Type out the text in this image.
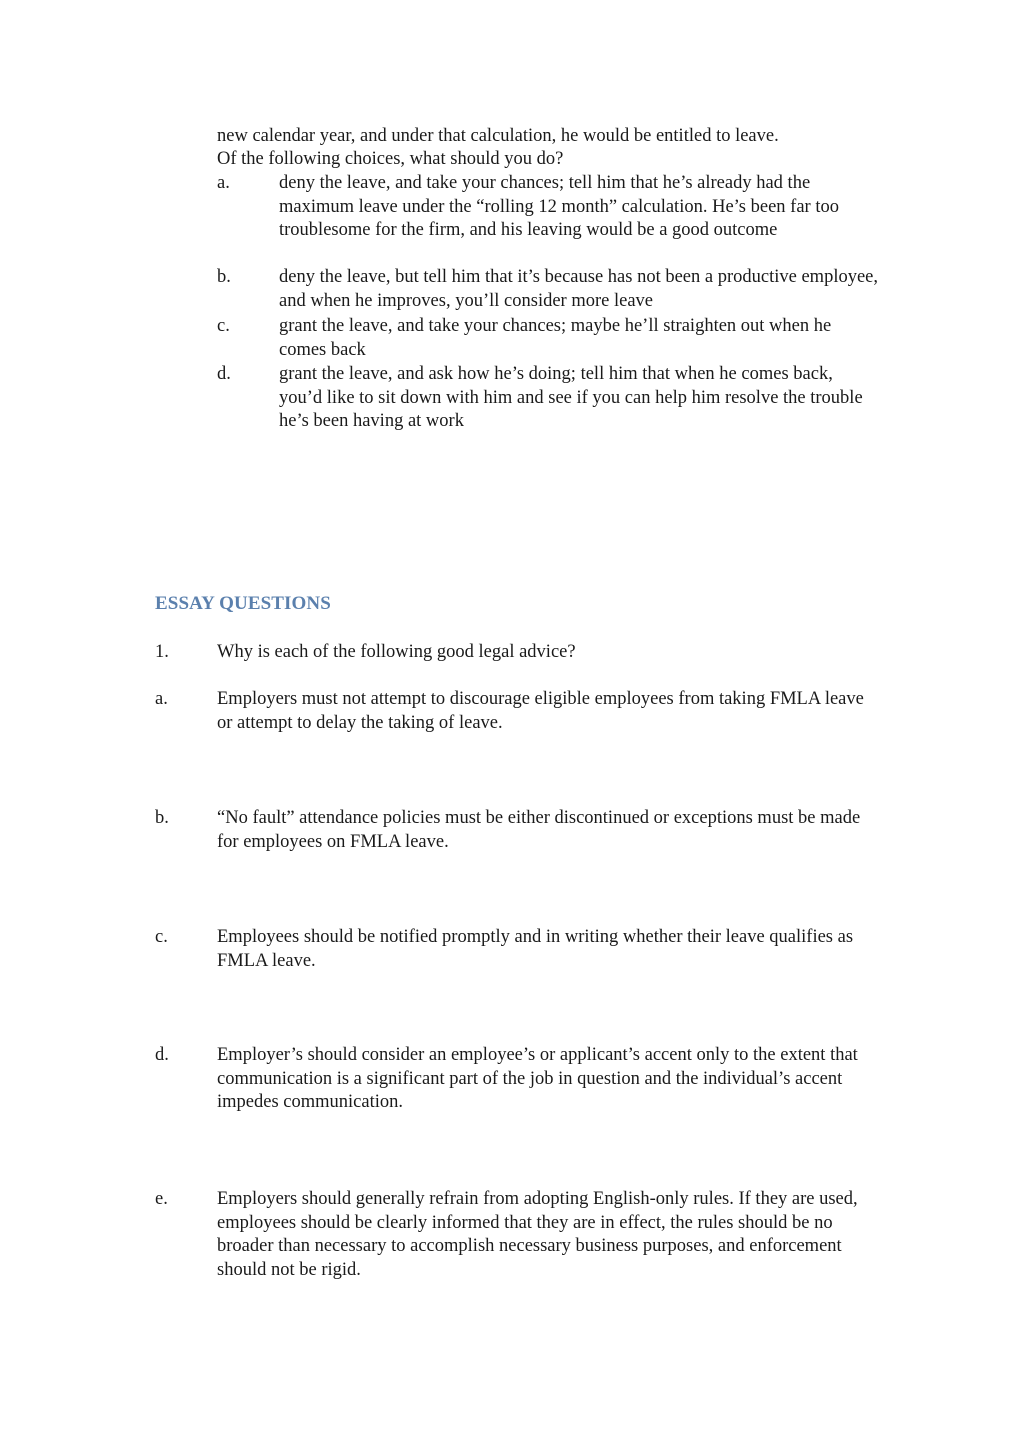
new calendar year, and under that calculation, he would be entitled to leave.
Of the following choices, what should you do?
a.	deny the leave, and take your chances; tell him that he’s already had the maximum leave under the “rolling 12 month” calculation. He’s been far too troublesome for the firm, and his leaving would be a good outcome
b.	deny the leave, but tell him that it’s because has not been a productive employee, and when he improves, you’ll consider more leave
c.	grant the leave, and take your chances; maybe he’ll straighten out when he comes back
d.	grant the leave, and ask how he’s doing; tell him that when he comes back, you’d like to sit down with him and see if you can help him resolve the trouble he’s been having at work
ESSAY QUESTIONS
1.	Why is each of the following good legal advice?
a.	Employers must not attempt to discourage eligible employees from taking FMLA leave or attempt to delay the taking of leave.
b.	“No fault” attendance policies must be either discontinued or exceptions must be made for employees on FMLA leave.
c.	Employees should be notified promptly and in writing whether their leave qualifies as FMLA leave.
d.	Employer’s should consider an employee’s or applicant’s accent only to the extent that communication is a significant part of the job in question and the individual’s accent impedes communication.
e.	Employers should generally refrain from adopting English-only rules. If they are used, employees should be clearly informed that they are in effect, the rules should be no broader than necessary to accomplish necessary business purposes, and enforcement should not be rigid.
